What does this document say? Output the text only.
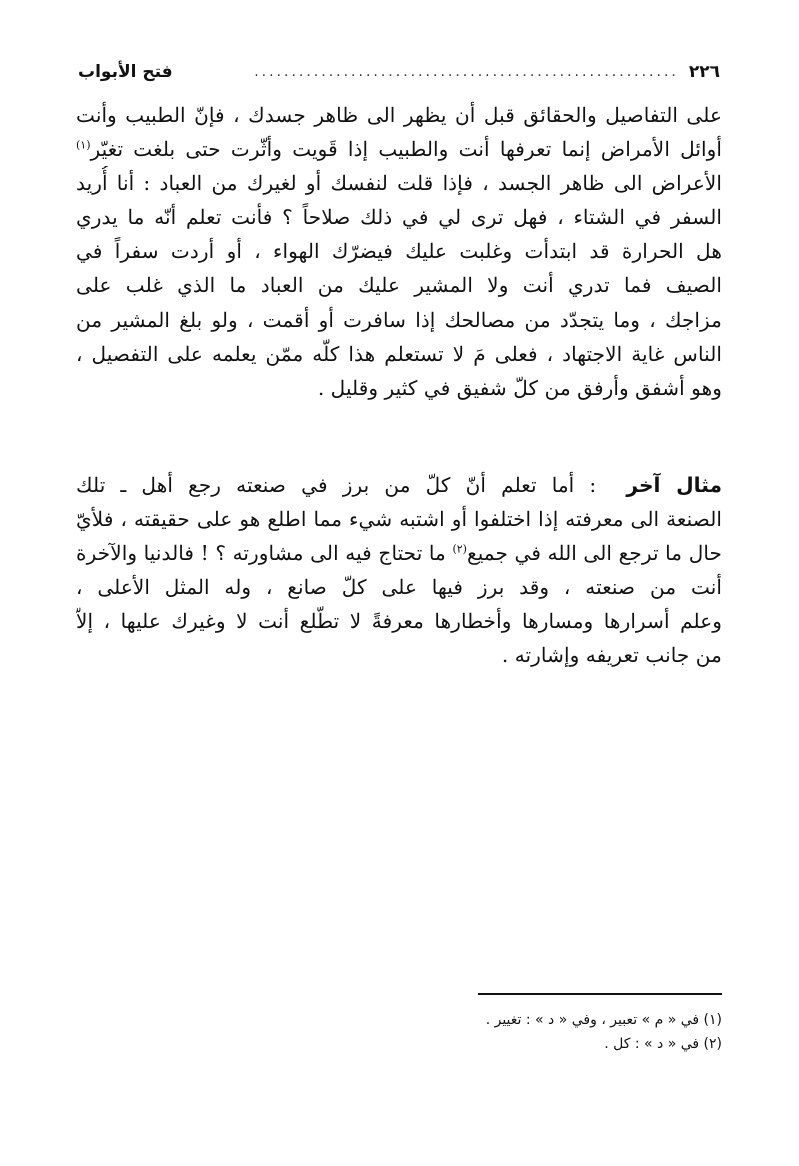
٢٢٦
.........................................................
فتح الأبواب
على التفاصيل والحقائق قبل أن يظهر الى ظاهر جسدك ، فإنّ الطبيب وأنت
أوائل الأمراض إنما تعرفها أنت والطبيب إذا قَويت وأثّرت حتى بلغت تغيّر$^{(١)}$
الأعراض الى ظاهر الجسد ، فإذا قلت لنفسك أو لغيرك من العباد : أنا أُريد
السفر في الشتاء ، فهل ترى لي في ذلك صلاحاً ؟ فأنت تعلم أنّه ما يدري
هل الحرارة قد ابتدأت وغلبت عليك فيضرّك الهواء ، أو أردت سفراً في
الصيف فما تدري أنت ولا المشير عليك من العباد ما الذي غلب على
مزاجك ، وما يتجدّد من مصالحك إذا سافرت أو أقمت ، ولو بلغ المشير من
الناس غاية الاجتهاد ، فعلى مَ لا تستعلم هذا كلّه ممّن يعلمه على التفصيل ،
وهو أشفق وأرفق من كلّ شفيق في كثير وقليل .
مثال آخر  : أما تعلم أنّ كلّ من برز في صنعته رجع أهل ـ تلك
الصنعة الى معرفته إذا اختلفوا أو اشتبه شيء مما اطلع هو على حقيقته ، فلأيّ
حال ما ترجع الى الله في جميع$^{(٢)}$ ما تحتاج فيه الى مشاورته ؟ ! فالدنيا والآخرة
أنت من صنعته ، وقد برز فيها على كلّ صانع ، وله المثل الأعلى ،
وعلم أسرارها ومسارها وأخطارها معرفةً لا تطّلع أنت لا وغيرك عليها ، إلاّ
من جانب تعريفه وإشارته .
(١) في « م » تعبير ، وفي « د » : تغيير .
(٢) في « د » : كل .
